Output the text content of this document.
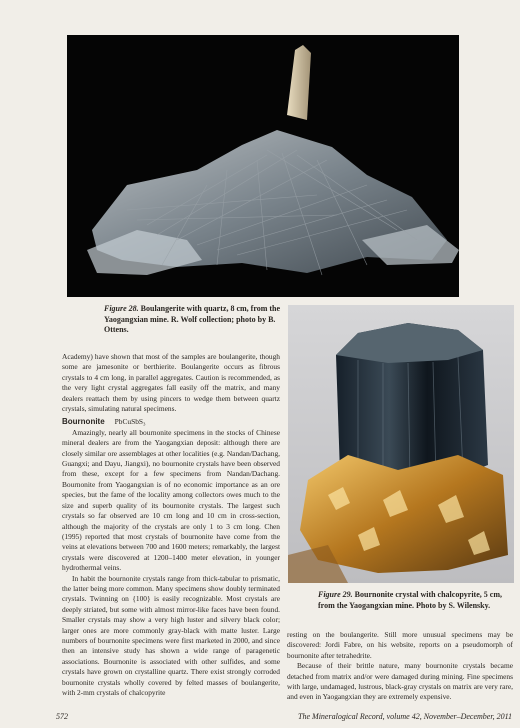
Figure 28. Boulangerite with quartz, 8 cm, from the Yaogangxian mine. R. Wolf collection; photo by B. Ottens.
Figure 29. Bournonite crystal with chalcopyrite, 5 cm, from the Yaogangxian mine. Photo by S. Wilensky.

Academy) have shown that most of the samples are boulangerite, though some are jamesonite or berthierite. Boulangerite occurs as fibrous crystals to 4 cm long, in parallel aggregates. Caution is recommended, as the very light crystal aggregates fall easily off the matrix, and many dealers reattach them by using pincers to wedge them between quartz crystals, simulating natural specimens.

Bournonite PbCuSbS₃

Amazingly, nearly all bournonite specimens in the stocks of Chinese mineral dealers are from the Yaogangxian deposit: although there are closely similar ore assemblages at other localities (e.g. Nandan/Dachang, Guangxi; and Dayu, Jiangxi), no bournonite crystals have been observed from these, except for a few specimens from Nandan/Dachang. Bournonite from Yaogangxian is of no economic importance as an ore species, but the fame of the locality among collectors owes much to the size and superb quality of its bournonite crystals. The largest such crystals so far observed are 10 cm long and 10 cm in cross-section, although the majority of the crystals are only 1 to 3 cm long. Chen (1995) reported that most crystals of bournonite have come from the veins at elevations between 700 and 1600 meters; remarkably, the largest crystals were discovered at 1200–1400 meter elevation, in younger hydrothermal veins.

In habit the bournonite crystals range from thick-tabular to prismatic, the latter being more common. Many specimens show doubly terminated crystals. Twinning on {100} is easily recognizable. Most crystals are deeply striated, but some with almost mirror-like faces have been found. Smaller crystals may show a very high luster and silvery black color; larger ones are more commonly gray-black with matte luster. Large numbers of bournonite specimens were first marketed in 2000, and since then an intensive study has shown a wide range of paragenetic associations. Bournonite is associated with other sulfides, and some crystals have grown on crystalline quartz. There exist strongly corroded bournonite crystals wholly covered by felted masses of boulangerite, with 2-mm crystals of chalcopyrite

resting on the boulangerite. Still more unusual specimens may be discovered: Jordi Fabre, on his website, reports on a pseudomorph of bournonite after tetrahedrite.

Because of their brittle nature, many bournonite crystals became detached from matrix and/or were damaged during mining. Fine specimens with large, undamaged, lustrous, black-gray crystals on matrix are very rare, and even in Yaogangxian they are extremely expensive.

572	The Mineralogical Record, volume 42, November–December, 2011
